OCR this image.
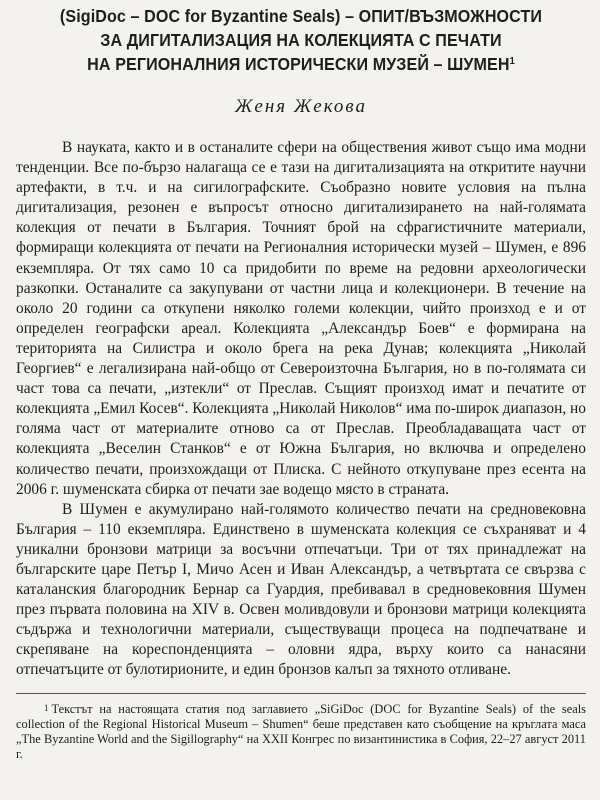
(SigiDoc – DOC for Byzantine Seals) – ОПИТ/ВЪЗМОЖНОСТИ
ЗА ДИГИТАЛИЗАЦИЯ НА КОЛЕКЦИЯТА С ПЕЧАТИ
НА РЕГИОНАЛНИЯ ИСТОРИЧЕСКИ МУЗЕЙ – ШУМЕН$^1$
Женя Жекова

В науката, както и в останалите сфери на обществения живот също има модни тенденции. Все по-бързо налагаща се е тази на дигитализацията на откритите научни артефакти, в т.ч. и на сигилографските. Съобразно новите условия на пълна дигитализация, резонен е въпросът относно дигитализирането на най-голямата колекция от печати в България. Точният брой на сфрагистичните материали, формиращи колекцията от печати на Регионалния исторически музей – Шумен, е 896 екземпляра. От тях само 10 са придобити по време на редовни археологически разкопки. Останалите са закупувани от частни лица и колекционери. В течение на около 20 години са откупени няколко големи колекции, чийто произход е и от определен географски ареал. Колекцията „Александър Боев“ е формирана на територията на Силистра и около брега на река Дунав; колекцията „Николай Георгиев“ е легализирана най-общо от Североизточна България, но в по-голямата си част това са печати, „изтекли“ от Преслав. Същият произход имат и печатите от колекцията „Емил Косев“. Колекцията „Николай Николов“ има по-широк диапазон, но голяма част от материалите отново са от Преслав. Преобладаващата част от колекцията „Веселин Станков“ е от Южна България, но включва и определено количество печати, произхождащи от Плиска. С нейното откупуване през есента на 2006 г. шуменската сбирка от печати зае водещо място в страната.

В Шумен е акумулирано най-голямото количество печати на средновековна България – 110 екземпляра. Единствено в шуменската колекция се съхраняват и 4 уникални бронзови матрици за восъчни отпечатъци. Три от тях принадлежат на българските царе Петър I, Мичо Асен и Иван Александър, а четвъртата се свързва с каталанския благородник Бернар са Гуардия, пребивавал в средновековния Шумен през първата половина на XIV в. Освен моливдовули и бронзови матрици колекцията съдържа и технологични материали, съществуващи процеса на подпечатване и скрепяване на кореспонденцията – оловни ядра, върху които са нанасяни отпечатъците от булотирионите, и един бронзов калъп за тяхното отливане.

$^1$ Текстът на настоящата статия под заглавието „SiGiDoc (DOC for Byzantine Seals) of the seals collection of the Regional Historical Museum – Shumen“ беше представен като съобщение на кръглата маса „The Byzantine World and the Sigillography“ на XXII Конгрес по византинистика в София, 22–27 август 2011 г.
